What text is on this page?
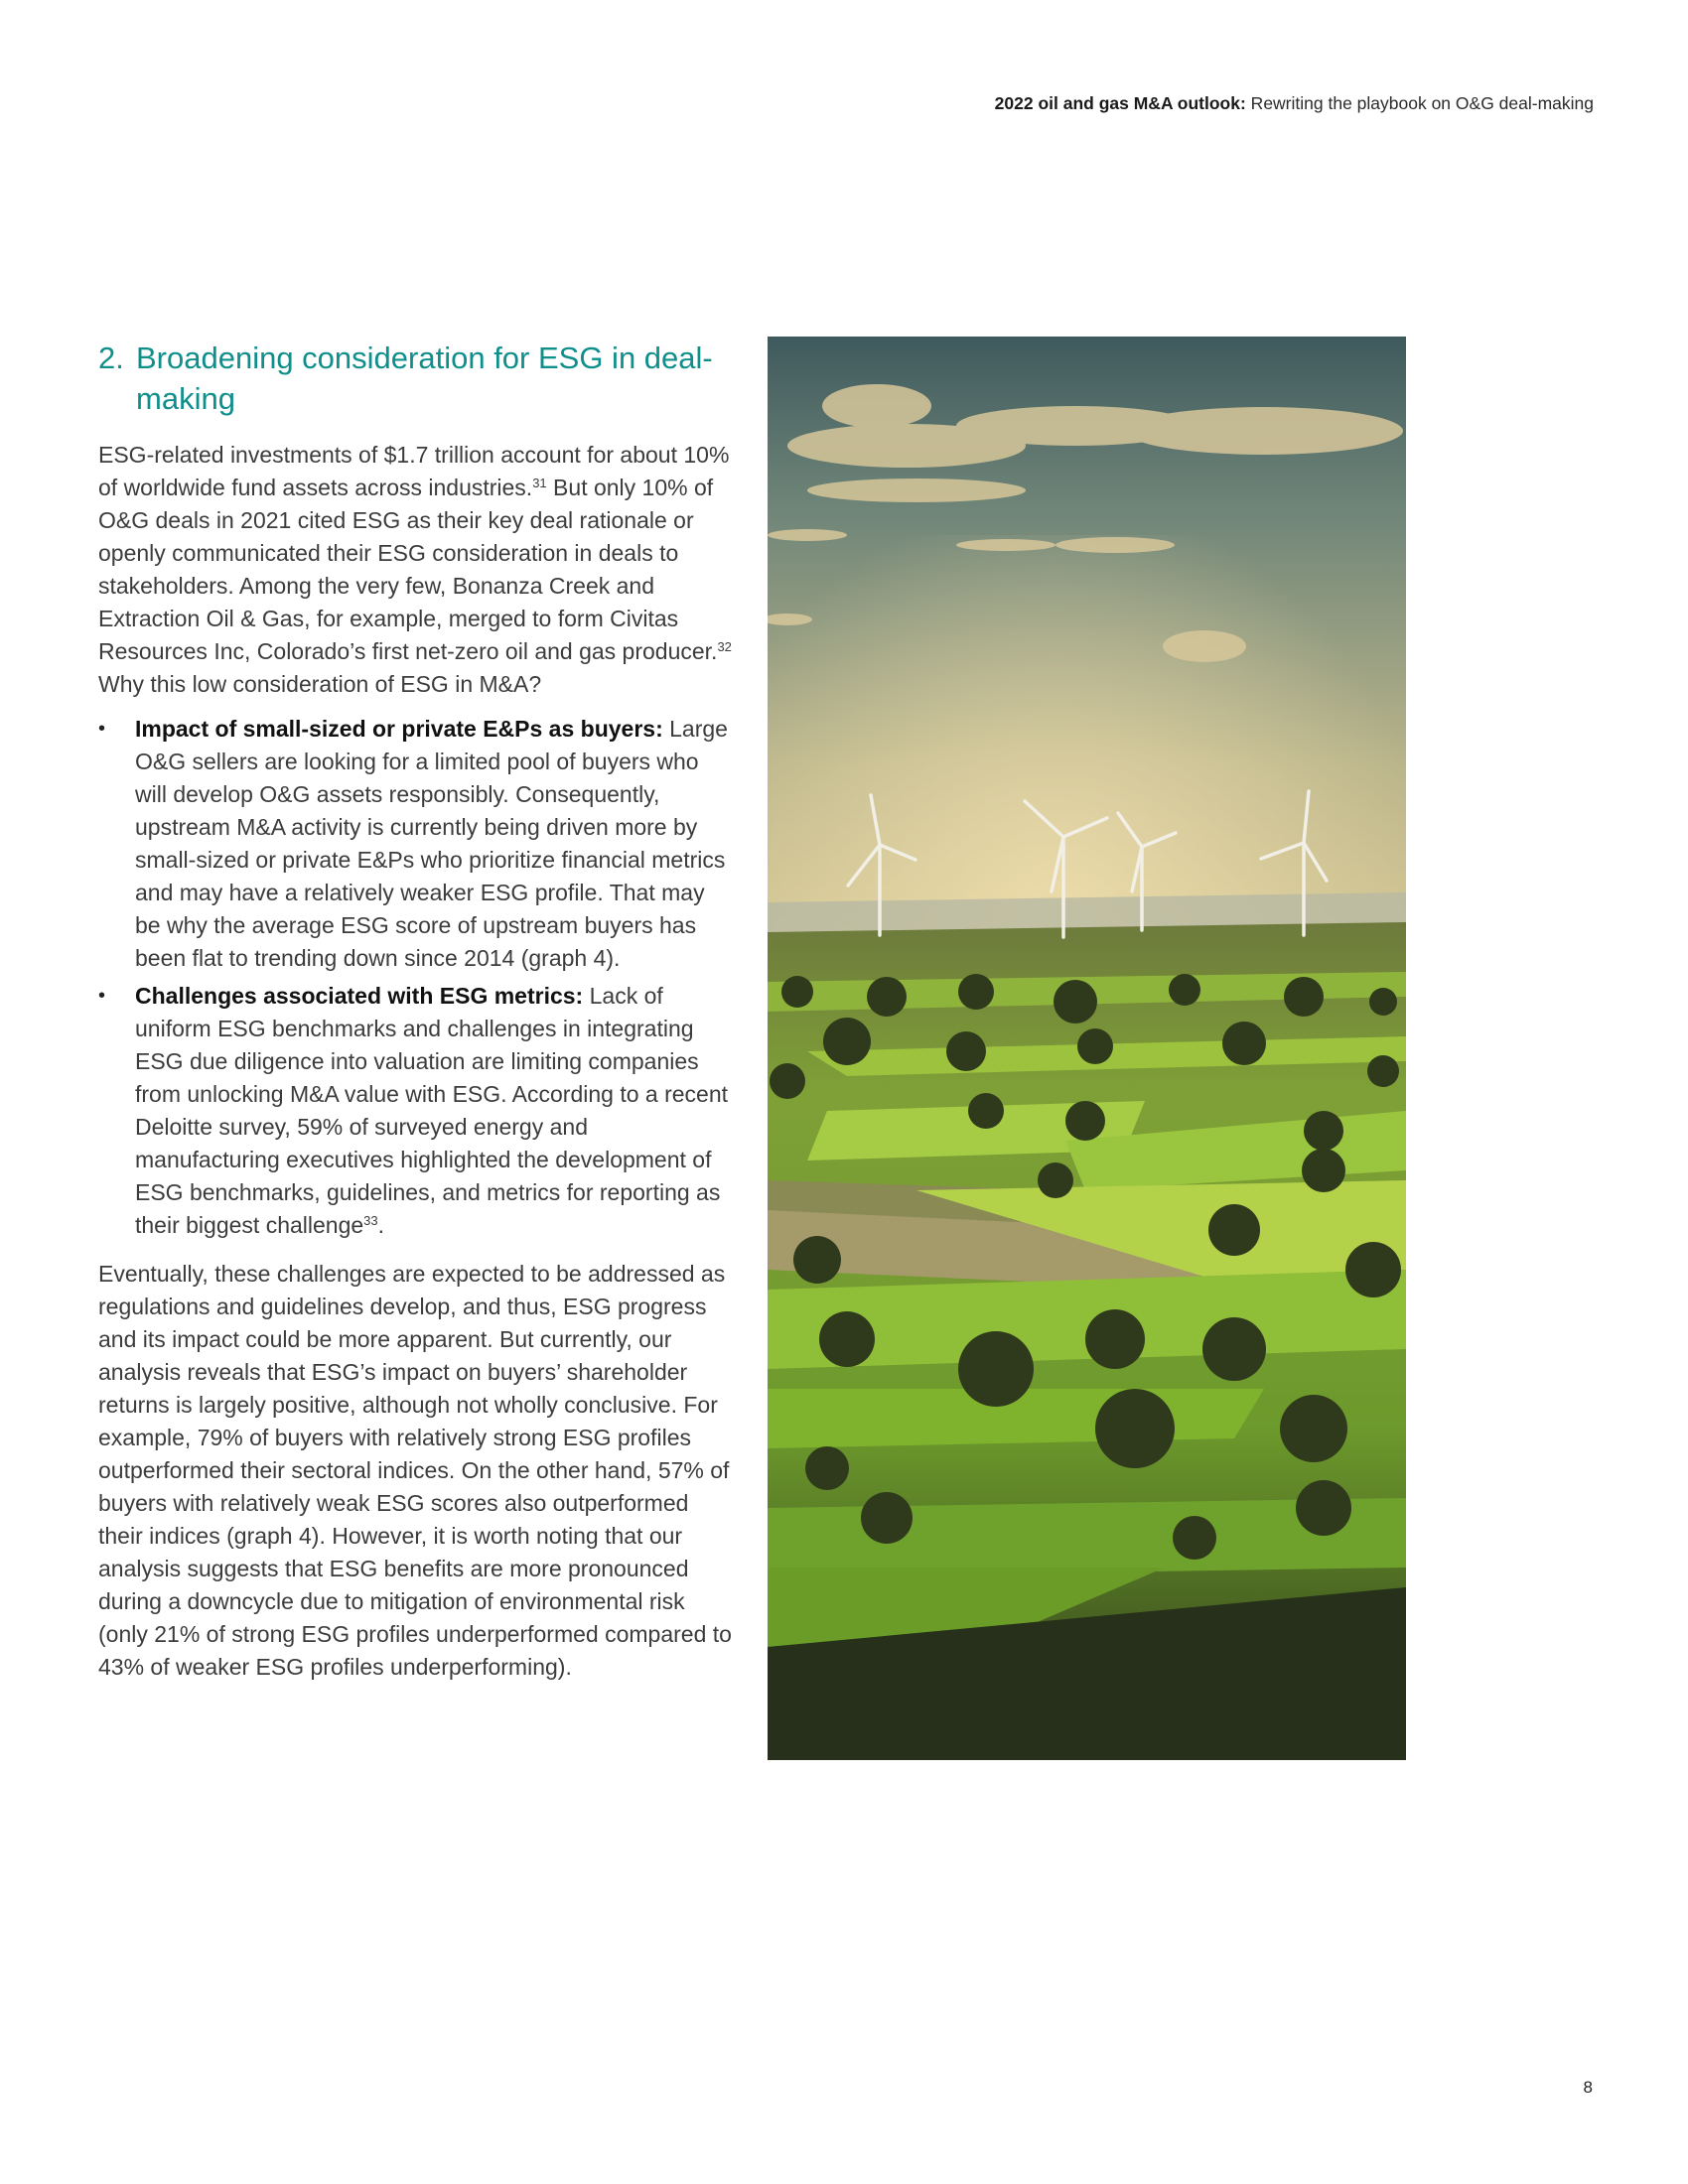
2022 oil and gas M&A outlook: Rewriting the playbook on O&G deal-making
2. Broadening consideration for ESG in deal-making

ESG-related investments of $1.7 trillion account for about 10% of worldwide fund assets across industries.$^{31}$ But only 10% of O&G deals in 2021 cited ESG as their key deal rationale or openly communicated their ESG consideration in deals to stakeholders. Among the very few, Bonanza Creek and Extraction Oil & Gas, for example, merged to form Civitas Resources Inc, Colorado’s first net-zero oil and gas producer.$^{32}$ Why this low consideration of ESG in M&A?

• Impact of small-sized or private E&Ps as buyers: Large O&G sellers are looking for a limited pool of buyers who will develop O&G assets responsibly. Consequently, upstream M&A activity is currently being driven more by small-sized or private E&Ps who prioritize financial metrics and may have a relatively weaker ESG profile. That may be why the average ESG score of upstream buyers has been flat to trending down since 2014 (graph 4).
• Challenges associated with ESG metrics: Lack of uniform ESG benchmarks and challenges in integrating ESG due diligence into valuation are limiting companies from unlocking M&A value with ESG. According to a recent Deloitte survey, 59% of surveyed energy and manufacturing executives highlighted the development of ESG benchmarks, guidelines, and metrics for reporting as their biggest challenge$^{33}$.

Eventually, these challenges are expected to be addressed as regulations and guidelines develop, and thus, ESG progress and its impact could be more apparent. But currently, our analysis reveals that ESG’s impact on buyers’ shareholder returns is largely positive, although not wholly conclusive. For example, 79% of buyers with relatively strong ESG profiles outperformed their sectoral indices. On the other hand, 57% of buyers with relatively weak ESG scores also outperformed their indices (graph 4). However, it is worth noting that our analysis suggests that ESG benefits are more pronounced during a downcycle due to mitigation of environmental risk (only 21% of strong ESG profiles underperformed compared to 43% of weaker ESG profiles underperforming).

8
